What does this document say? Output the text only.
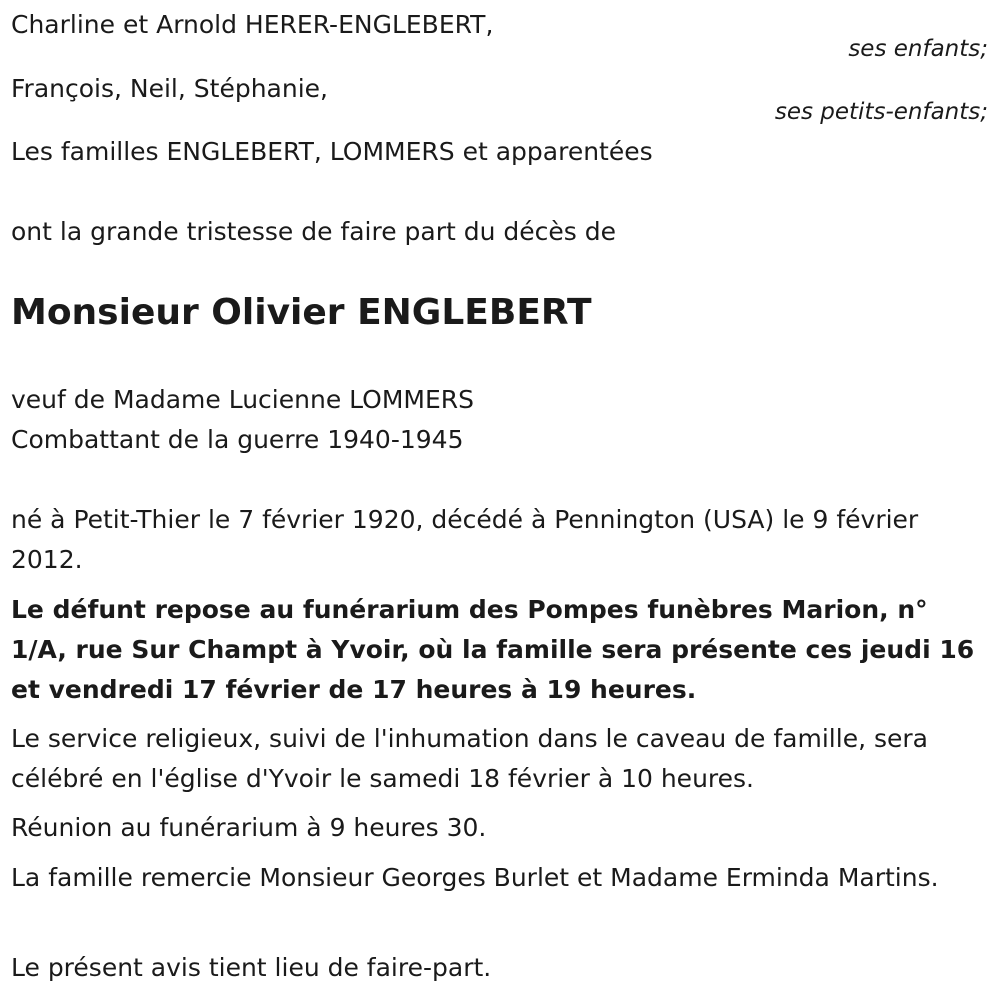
Charline et Arnold HERER-ENGLEBERT,
ses enfants;
François, Neil, Stéphanie,
ses petits-enfants;
Les familles ENGLEBERT, LOMMERS et apparentées
ont la grande tristesse de faire part du décès de
Monsieur Olivier ENGLEBERT
veuf de Madame Lucienne LOMMERS
Combattant de la guerre 1940-1945
né à Petit-Thier le 7 février 1920, décédé à Pennington (USA) le 9 février 2012.
Le défunt repose au funérarium des Pompes funèbres Marion, n° 1/A, rue Sur Champt à Yvoir, où la famille sera présente ces jeudi 16 et vendredi 17 février de 17 heures à 19 heures.
Le service religieux, suivi de l'inhumation dans le caveau de famille, sera célébré en l'église d'Yvoir le samedi 18 février à 10 heures.
Réunion au funérarium à 9 heures 30.
La famille remercie Monsieur Georges Burlet et Madame Erminda Martins.
Le présent avis tient lieu de faire-part.
